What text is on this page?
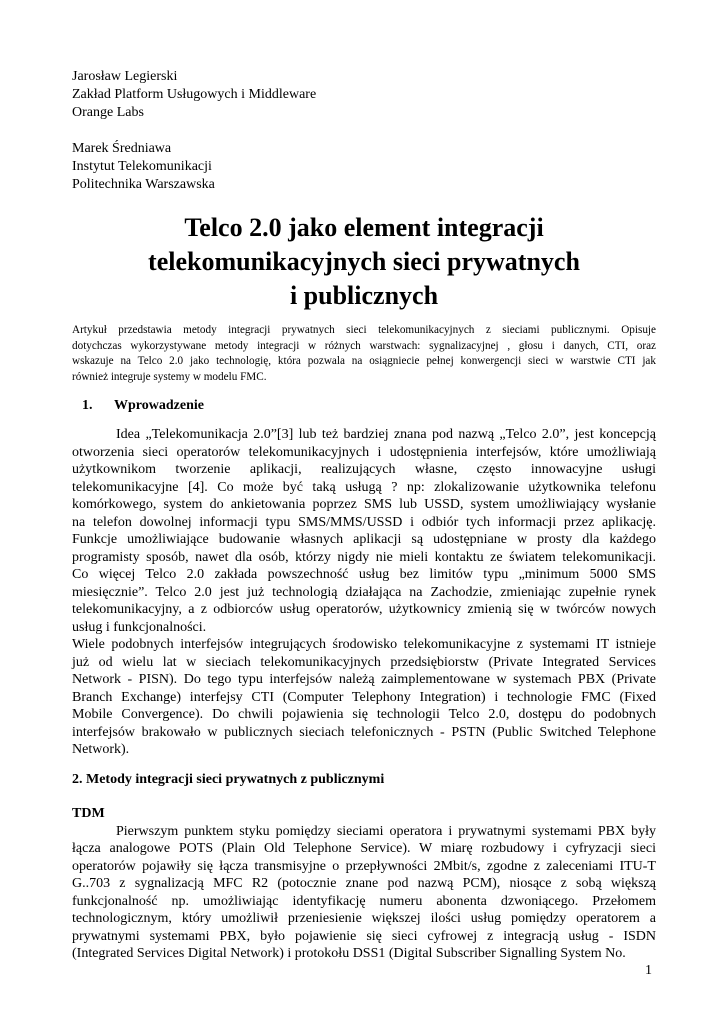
Jarosław Legierski
Zakład Platform Usługowych i Middleware
Orange Labs
Marek Średniawa
Instytut Telekomunikacji
Politechnika Warszawska
Telco 2.0 jako element integracji
telekomunikacyjnych sieci prywatnych
i publicznych
Artykuł przedstawia metody integracji prywatnych sieci telekomunikacyjnych z sieciami publicznymi. Opisuje
dotychczas wykorzystywane metody integracji w różnych warstwach: sygnalizacyjnej , głosu i danych, CTI, oraz
wskazuje na Telco 2.0 jako technologię, która pozwala na osiągniecie pełnej konwergencji sieci w warstwie CTI jak
również integruje systemy w modelu FMC.
1. Wprowadzenie
Idea „Telekomunikacja 2.0”[3] lub też bardziej znana pod nazwą „Telco 2.0”, jest koncepcją
otworzenia sieci operatorów telekomunikacyjnych i udostępnienia interfejsów, które umożliwiają
użytkownikom tworzenie aplikacji, realizujących własne, często innowacyjne usługi
telekomunikacyjne [4]. Co może być taką usługą ? np: zlokalizowanie użytkownika telefonu
komórkowego, system do ankietowania poprzez SMS lub USSD, system umożliwiający wysłanie
na telefon dowolnej informacji typu SMS/MMS/USSD i odbiór tych informacji przez aplikację.
Funkcje umożliwiające budowanie własnych aplikacji są udostępniane w prosty dla każdego
programisty sposób, nawet dla osób, którzy nigdy nie mieli kontaktu ze światem telekomunikacji.
Co więcej Telco 2.0 zakłada powszechność usług bez limitów typu „minimum 5000 SMS
miesięcznie”. Telco 2.0 jest już technologią działająca na Zachodzie, zmieniając zupełnie rynek
telekomunikacyjny, a z odbiorców usług operatorów, użytkownicy zmienią się w twórców nowych
usług i funkcjonalności.
Wiele podobnych interfejsów integrujących środowisko telekomunikacyjne z systemami IT istnieje
już od wielu lat w sieciach telekomunikacyjnych przedsiębiorstw (Private Integrated Services
Network - PISN). Do tego typu interfejsów należą zaimplementowane w systemach PBX (Private
Branch Exchange) interfejsy CTI (Computer Telephony Integration) i technologie FMC (Fixed
Mobile Convergence). Do chwili pojawienia się technologii Telco 2.0, dostępu do podobnych
interfejsów brakowało w publicznych sieciach telefonicznych - PSTN (Public Switched Telephone
Network).
2. Metody integracji sieci prywatnych z publicznymi
TDM
Pierwszym punktem styku pomiędzy sieciami operatora i prywatnymi systemami PBX były
łącza analogowe POTS (Plain Old Telephone Service). W miarę rozbudowy i cyfryzacji sieci
operatorów pojawiły się łącza transmisyjne o przepływności 2Mbit/s, zgodne z zaleceniami ITU-T
G..703 z sygnalizacją MFC R2 (potocznie znane pod nazwą PCM), niosące z sobą większą
funkcjonalność np. umożliwiając identyfikację numeru abonenta dzwoniącego. Przełomem
technologicznym, który umożliwił przeniesienie większej ilości usług pomiędzy operatorem a
prywatnymi systemami PBX, było pojawienie się sieci cyfrowej z integracją usług - ISDN
(Integrated Services Digital Network) i protokołu DSS1 (Digital Subscriber Signalling System No.
1
